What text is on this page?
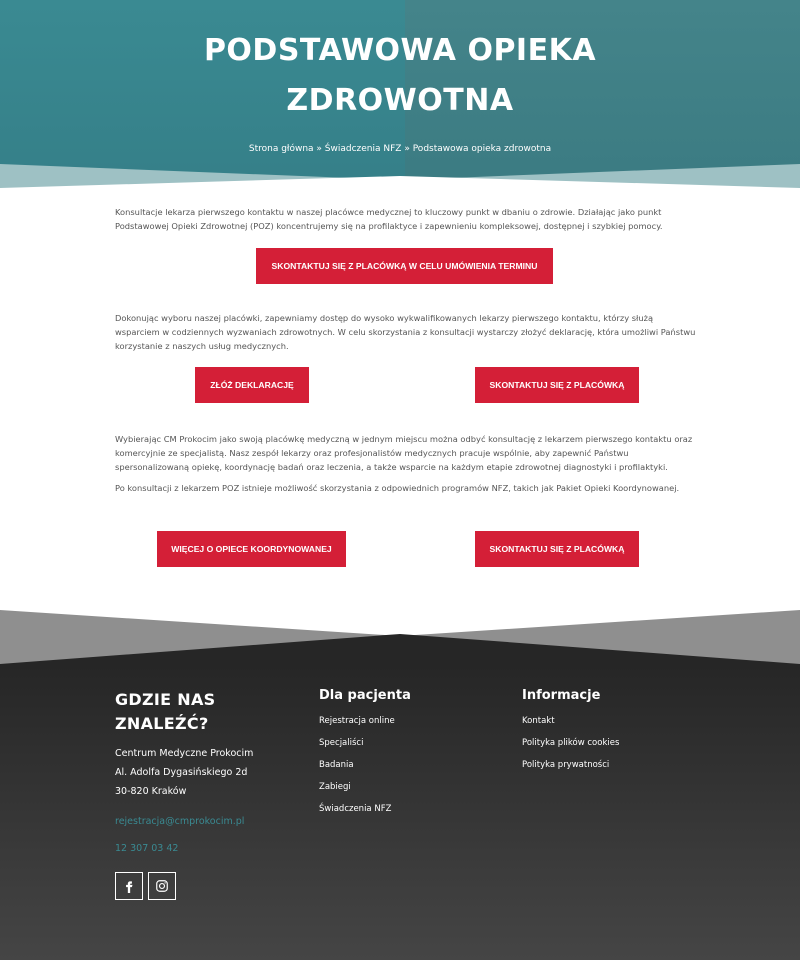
PODSTAWOWA OPIEKA
ZDROWOTNA
Strona główna » Świadczenia NFZ » Podstawowa opieka zdrowotna

Konsultacje lekarza pierwszego kontaktu w naszej placówce medycznej to kluczowy punkt w dbaniu o zdrowie. Działając jako punkt Podstawowej Opieki Zdrowotnej (POZ) koncentrujemy się na profilaktyce i zapewnieniu kompleksowej, dostępnej i szybkiej pomocy.

SKONTAKTUJ SIĘ Z PLACÓWKĄ W CELU UMÓWIENIA TERMINU

Dokonując wyboru naszej placówki, zapewniamy dostęp do wysoko wykwalifikowanych lekarzy pierwszego kontaktu, którzy służą wsparciem w codziennych wyzwaniach zdrowotnych. W celu skorzystania z konsultacji wystarczy złożyć deklarację, która umożliwi Państwu korzystanie z naszych usług medycznych.

ZŁÓŻ DEKLARACJĘ	SKONTAKTUJ SIĘ Z PLACÓWKĄ

Wybierając CM Prokocim jako swoją placówkę medyczną w jednym miejscu można odbyć konsultację z lekarzem pierwszego kontaktu oraz komercyjnie ze specjalistą. Nasz zespół lekarzy oraz profesjonalistów medycznych pracuje wspólnie, aby zapewnić Państwu spersonalizowaną opiekę, koordynację badań oraz leczenia, a także wsparcie na każdym etapie zdrowotnej diagnostyki i profilaktyki.

Po konsultacji z lekarzem POZ istnieje możliwość skorzystania z odpowiednich programów NFZ, takich jak Pakiet Opieki Koordynowanej.

WIĘCEJ O OPIECE KOORDYNOWANEJ	SKONTAKTUJ SIĘ Z PLACÓWKĄ
GDZIE NAS
ZNALEŹĆ?
Centrum Medyczne Prokocim
Al. Adolfa Dygasińskiego 2d
30-820 Kraków
rejestracja@cmprokocim.pl
12 307 03 42
Dla pacjenta
Rejestracja online
Specjaliści
Badania
Zabiegi
Świadczenia NFZ
Informacje
Kontakt
Polityka plików cookies
Polityka prywatności
